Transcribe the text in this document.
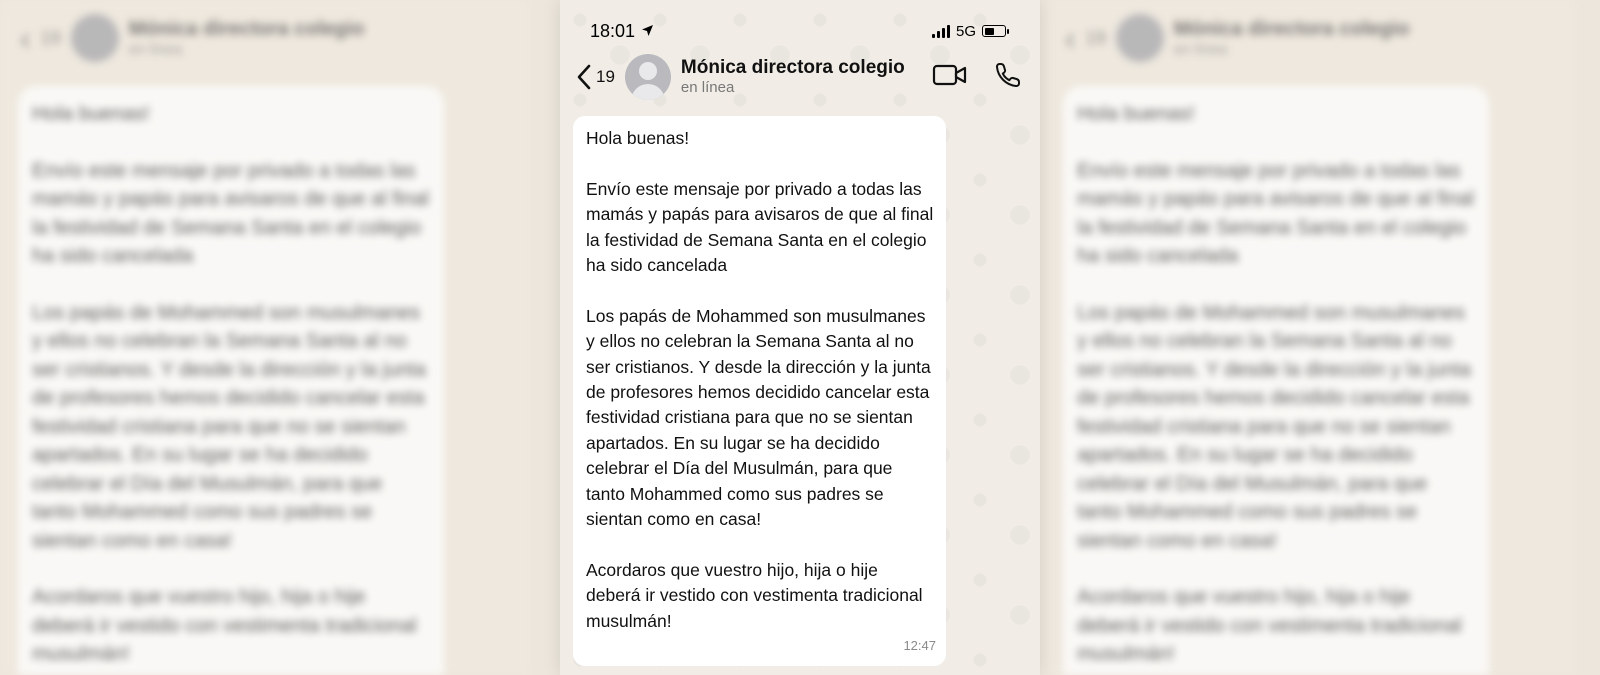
‹ 19	Mónica directora colegio
en línea

Hola buenas!

Envío este mensaje por privado a todas las mamás y papás para avisaros de que al final la festividad de Semana Santa en el colegio ha sido cancelada

Los papás de Mohammed son musulmanes y ellos no celebran la Semana Santa al no ser cristianos. Y desde la dirección y la junta de profesores hemos decidido cancelar esta festividad cristiana para que no se sientan apartados. En su lugar se ha decidido celebrar el Día del Musulmán, para que tanto Mohammed como sus padres se sientan como en casa!

Acordaros que vuestro hijo, hija o hije deberá ir vestido con vestimenta tradicional musulmán!

‹ 19	Mónica directora colegio
en línea

Hola buenas!

Envío este mensaje por privado a todas las mamás y papás para avisaros de que al final la festividad de Semana Santa en el colegio ha sido cancelada

Los papás de Mohammed son musulmanes y ellos no celebran la Semana Santa al no ser cristianos. Y desde la dirección y la junta de profesores hemos decidido cancelar esta festividad cristiana para que no se sientan apartados. En su lugar se ha decidido celebrar el Día del Musulmán, para que tanto Mohammed como sus padres se sientan como en casa!

Acordaros que vuestro hijo, hija o hije deberá ir vestido con vestimenta tradicional musulmán!

18:01	5G
19	Mónica directora colegio
en línea

Hola buenas!

Envío este mensaje por privado a todas las mamás y papás para avisaros de que al final la festividad de Semana Santa en el colegio ha sido cancelada

Los papás de Mohammed son musulmanes y ellos no celebran la Semana Santa al no ser cristianos. Y desde la dirección y la junta de profesores hemos decidido cancelar esta festividad cristiana para que no se sientan apartados. En su lugar se ha decidido celebrar el Día del Musulmán, para que tanto Mohammed como sus padres se sientan como en casa!

Acordaros que vuestro hijo, hija o hije deberá ir vestido con vestimenta tradicional musulmán!

12:47
